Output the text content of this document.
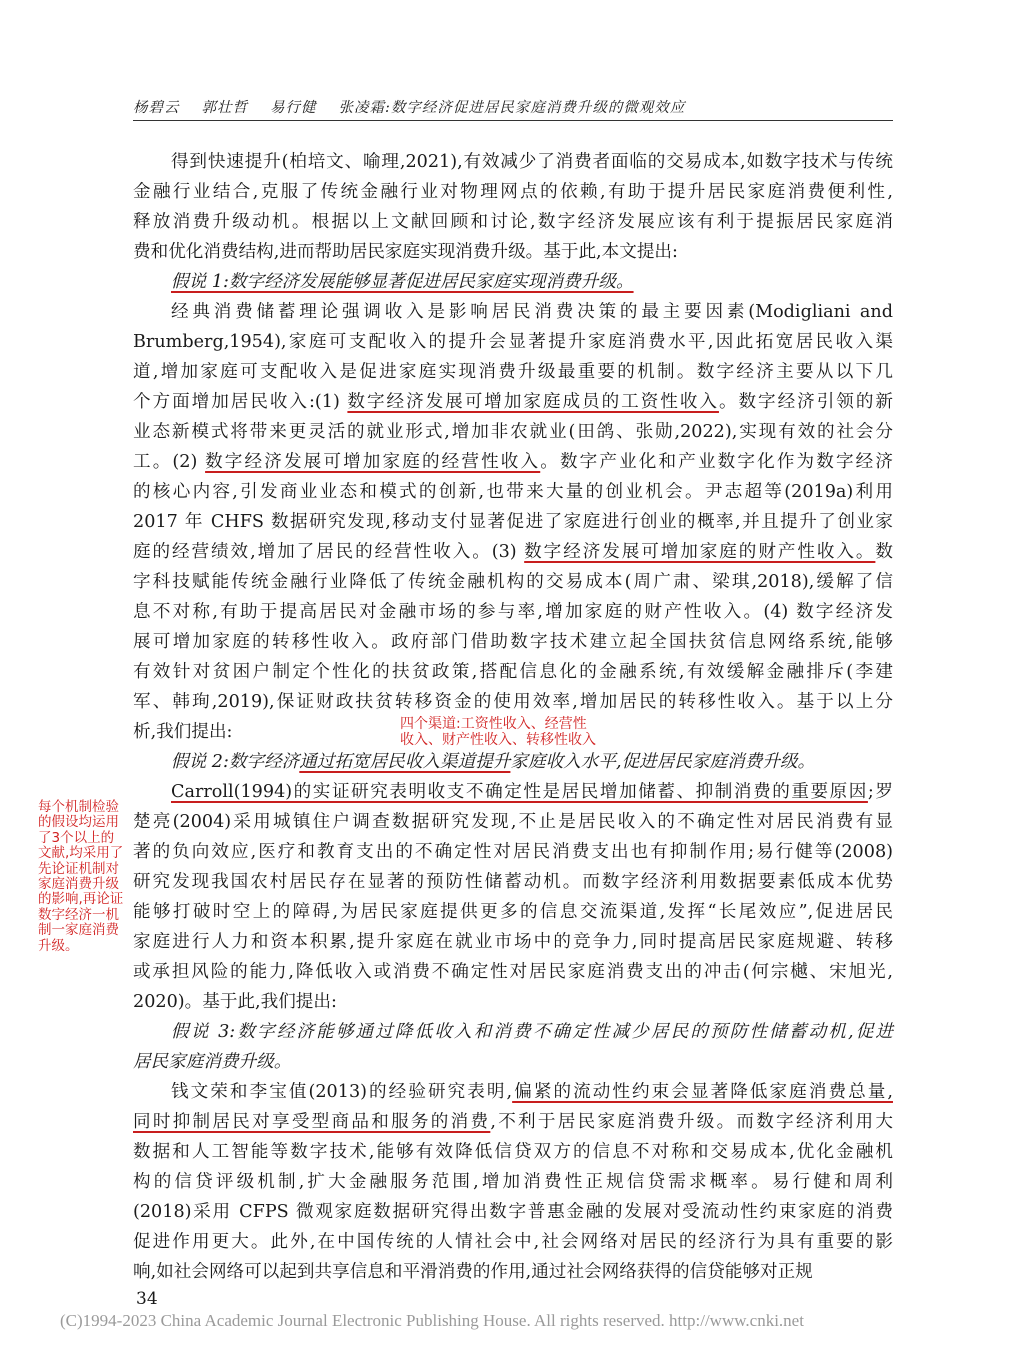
杨碧云 郭壮哲 易行健 张凌霜:数字经济促进居民家庭消费升级的微观效应
得到快速提升(柏培文、喻理,2021),有效减少了消费者面临的交易成本,如数字技术与传统
金融行业结合,克服了传统金融行业对物理网点的依赖,有助于提升居民家庭消费便利性,
释放消费升级动机。根据以上文献回顾和讨论,数字经济发展应该有利于提振居民家庭消
费和优化消费结构,进而帮助居民家庭实现消费升级。基于此,本文提出:
假说 1:数字经济发展能够显著促进居民家庭实现消费升级。
经典消费储蓄理论强调收入是影响居民消费决策的最主要因素(Modigliani and
Brumberg,1954),家庭可支配收入的提升会显著提升家庭消费水平,因此拓宽居民收入渠
道,增加家庭可支配收入是促进家庭实现消费升级最重要的机制。数字经济主要从以下几
个方面增加居民收入:(1) 数字经济发展可增加家庭成员的工资性收入。数字经济引领的新
业态新模式将带来更灵活的就业形式,增加非农就业(田鸽、张勋,2022),实现有效的社会分
工。(2) 数字经济发展可增加家庭的经营性收入。数字产业化和产业数字化作为数字经济
的核心内容,引发商业业态和模式的创新,也带来大量的创业机会。尹志超等(2019a)利用
2017 年 CHFS 数据研究发现,移动支付显著促进了家庭进行创业的概率,并且提升了创业家
庭的经营绩效,增加了居民的经营性收入。(3) 数字经济发展可增加家庭的财产性收入。数
字科技赋能传统金融行业降低了传统金融机构的交易成本(周广肃、梁琪,2018),缓解了信
息不对称,有助于提高居民对金融市场的参与率,增加家庭的财产性收入。(4) 数字经济发
展可增加家庭的转移性收入。政府部门借助数字技术建立起全国扶贫信息网络系统,能够
有效针对贫困户制定个性化的扶贫政策,搭配信息化的金融系统,有效缓解金融排斥(李建
军、韩珣,2019),保证财政扶贫转移资金的使用效率,增加居民的转移性收入。基于以上分
析,我们提出:
假说 2:数字经济通过拓宽居民收入渠道提升家庭收入水平,促进居民家庭消费升级。
Carroll(1994)的实证研究表明收支不确定性是居民增加储蓄、抑制消费的重要原因;罗
楚亮(2004)采用城镇住户调查数据研究发现,不止是居民收入的不确定性对居民消费有显
著的负向效应,医疗和教育支出的不确定性对居民消费支出也有抑制作用;易行健等(2008)
研究发现我国农村居民存在显著的预防性储蓄动机。而数字经济利用数据要素低成本优势
能够打破时空上的障碍,为居民家庭提供更多的信息交流渠道,发挥“长尾效应”,促进居民
家庭进行人力和资本积累,提升家庭在就业市场中的竞争力,同时提高居民家庭规避、转移
或承担风险的能力,降低收入或消费不确定性对居民家庭消费支出的冲击(何宗樾、宋旭光,
2020)。基于此,我们提出:
假说 3:数字经济能够通过降低收入和消费不确定性减少居民的预防性储蓄动机,促进
居民家庭消费升级。
钱文荣和李宝值(2013)的经验研究表明,偏紧的流动性约束会显著降低家庭消费总量,
同时抑制居民对享受型商品和服务的消费,不利于居民家庭消费升级。而数字经济利用大
数据和人工智能等数字技术,能够有效降低信贷双方的信息不对称和交易成本,优化金融机
构的信贷评级机制,扩大金融服务范围,增加消费性正规信贷需求概率。易行健和周利
(2018)采用 CFPS 微观家庭数据研究得出数字普惠金融的发展对受流动性约束家庭的消费
促进作用更大。此外,在中国传统的人情社会中,社会网络对居民的经济行为具有重要的影
响,如社会网络可以起到共享信息和平滑消费的作用,通过社会网络获得的信贷能够对正规
四个渠道:工资性收入、经营性
收入、财产性收入、转移性收入
每个机制检验的假设均运用了3个以上的文献,均采用了先论证机制对家庭消费升级的影响,再论证数字经济一机制一家庭消费升级。
34
(C)1994-2023 China Academic Journal Electronic Publishing House. All rights reserved. http://www.cnki.net
